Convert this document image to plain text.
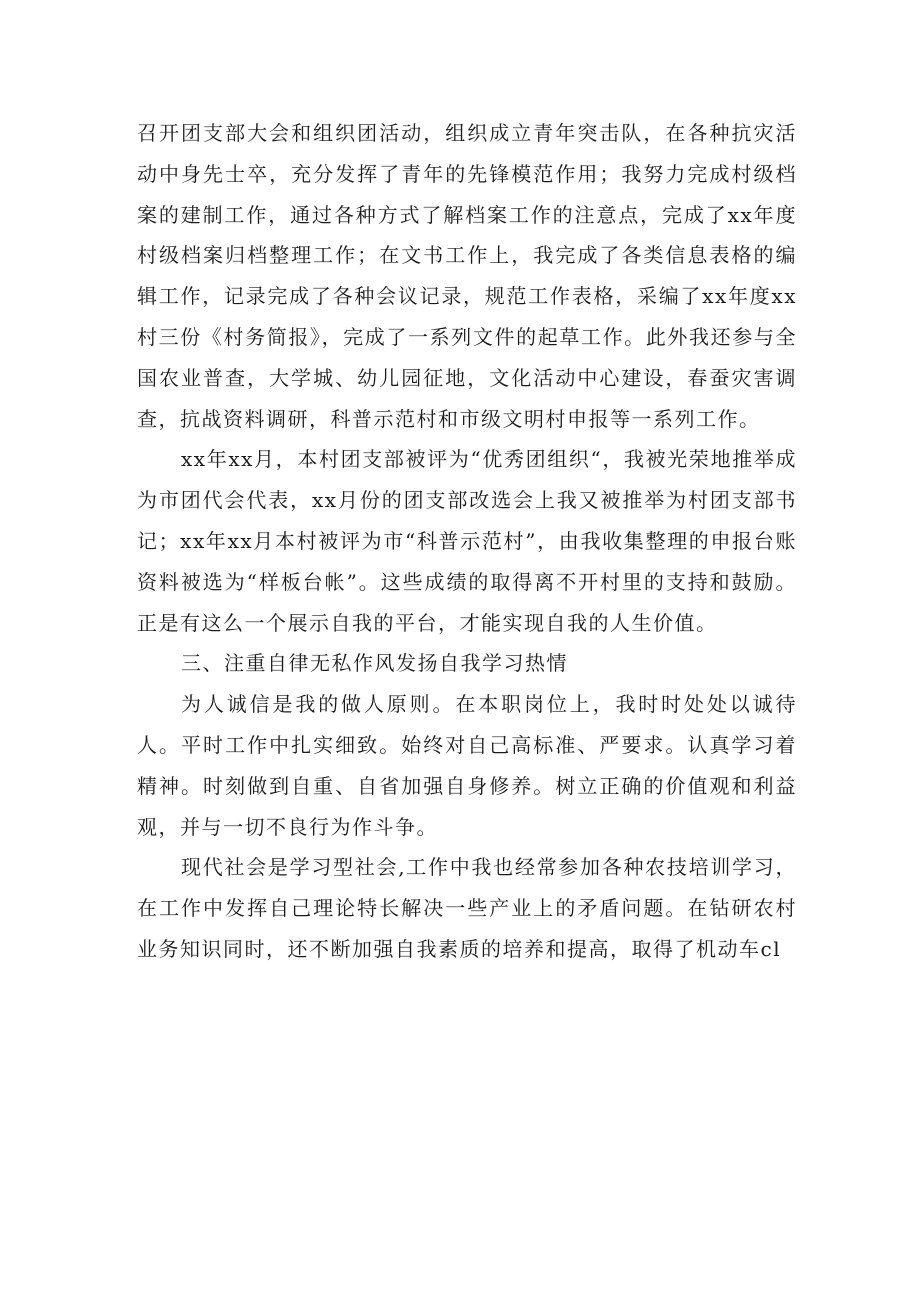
召开团支部大会和组织团活动，组织成立青年突击队，在各种抗灾活动中身先士卒，充分发挥了青年的先锋模范作用；我努力完成村级档案的建制工作，通过各种方式了解档案工作的注意点，完成了xx年度村级档案归档整理工作；在文书工作上，我完成了各类信息表格的编辑工作，记录完成了各种会议记录，规范工作表格，采编了xx年度xx村三份《村务简报》，完成了一系列文件的起草工作。此外我还参与全国农业普查，大学城、幼儿园征地，文化活动中心建设，春蚕灾害调查，抗战资料调研，科普示范村和市级文明村申报等一系列工作。

xx年xx月，本村团支部被评为“优秀团组织“，我被光荣地推举成为市团代会代表，xx月份的团支部改选会上我又被推举为村团支部书记；xx年xx月本村被评为市“科普示范村”，由我收集整理的申报台账资料被选为“样板台帐”。这些成绩的取得离不开村里的支持和鼓励。正是有这么一个展示自我的平台，才能实现自我的人生价值。

三、注重自律无私作风发扬自我学习热情

为人诚信是我的做人原则。在本职岗位上，我时时处处以诚待人。平时工作中扎实细致。始终对自己高标准、严要求。认真学习着精神。时刻做到自重、自省加强自身修养。树立正确的价值观和利益观，并与一切不良行为作斗争。

现代社会是学习型社会,工作中我也经常参加各种农技培训学习，在工作中发挥自己理论特长解决一些产业上的矛盾问题。在钻研农村业务知识同时，还不断加强自我素质的培养和提高，取得了机动车cl
